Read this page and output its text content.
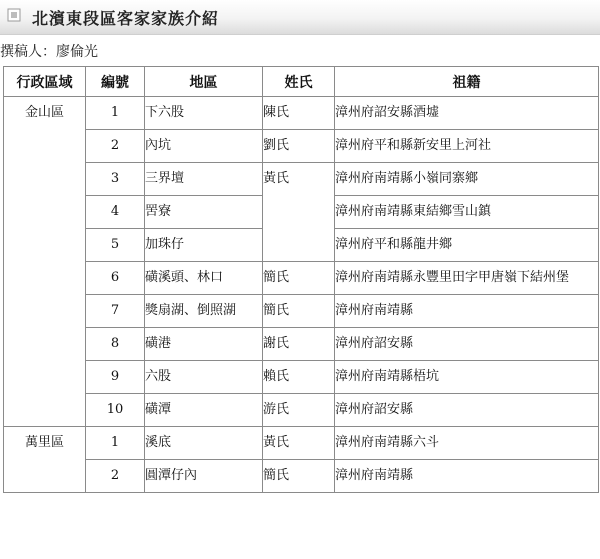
北濱東段區客家家族介紹
撰稿人：廖倫光
行政區域	編號	地區	姓氏	祖籍
金山區	1	下六股	陳氏	漳州府詔安縣酒墟
	2	內坑	劉氏	漳州府平和縣新安里上河社
	3	三界壇	黃氏	漳州府南靖縣小嶺同寨鄉
	4	罟寮		漳州府南靖縣東結鄉雪山鎮
	5	加珠仔		漳州府平和縣龍井鄉
	6	磺溪頭、林口	簡氏	漳州府南靖縣永豐里田字甲唐嶺下結州堡
	7	獎扇湖、倒照湖	簡氏	漳州府南靖縣
	8	磺港	謝氏	漳州府詔安縣
	9	六股	賴氏	漳州府南靖縣梧坑
	10	磺潭	游氏	漳州府詔安縣
萬里區	1	溪底	黃氏	漳州府南靖縣六斗
	2	圓潭仔內	簡氏	漳州府南靖縣
